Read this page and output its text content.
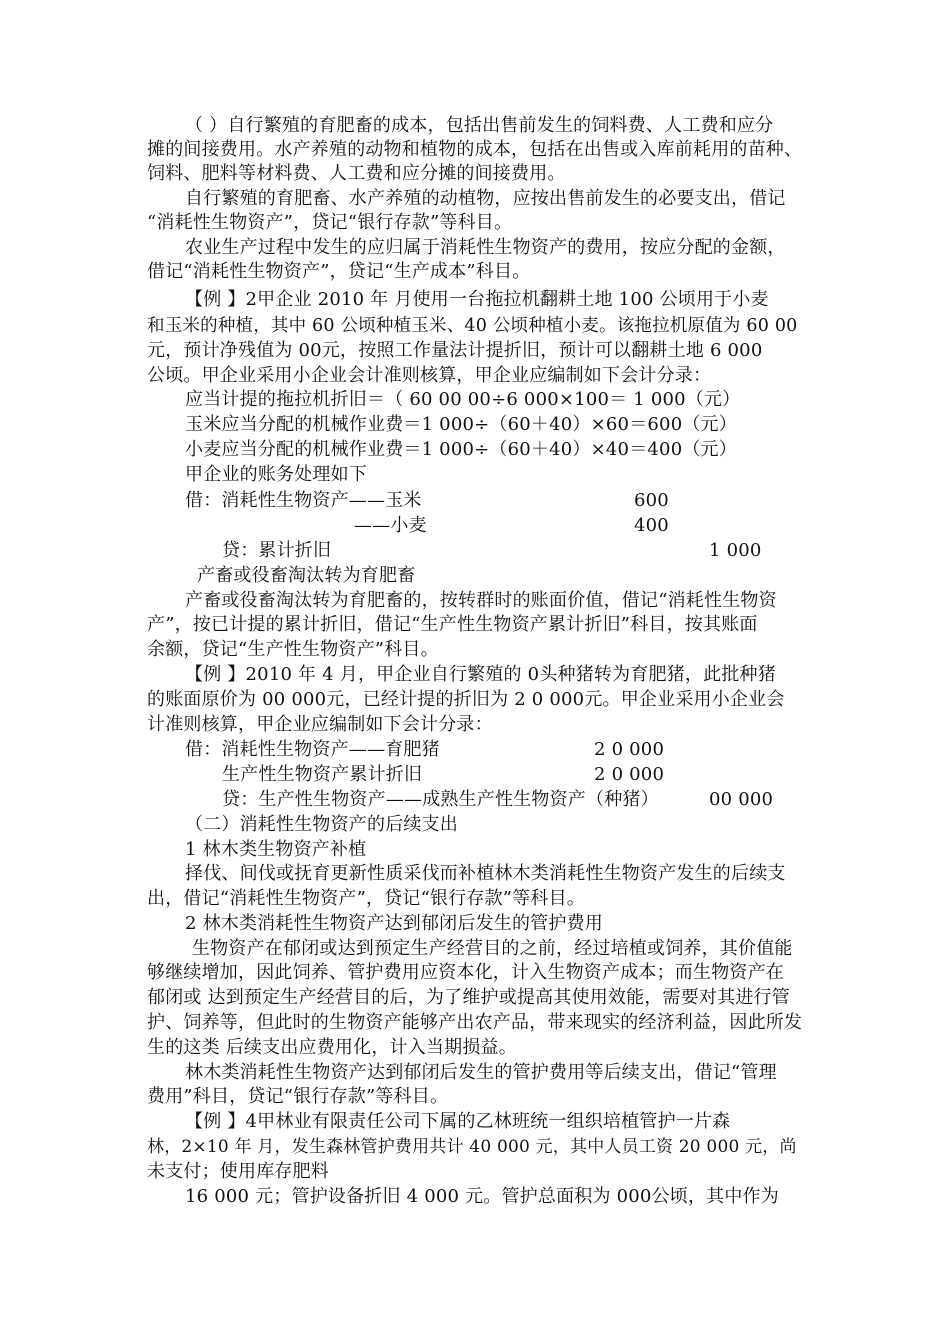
（ ）自行繁殖的育肥畜的成本，包括出售前发生的饲料费、人工费和应分
摊的间接费用。水产养殖的动物和植物的成本，包括在出售或入库前耗用的苗种、
饲料、肥料等材料费、人工费和应分摊的间接费用。
自行繁殖的育肥畜、水产养殖的动植物，应按出售前发生的必要支出，借记
“消耗性生物资产”，贷记“银行存款”等科目。
农业生产过程中发生的应归属于消耗性生物资产的费用，按应分配的金额，
借记“消耗性生物资产”，贷记“生产成本”科目。
【例 】2甲企业 2010 年 月使用一台拖拉机翻耕土地 100 公顷用于小麦
和玉米的种植，其中 60 公顷种植玉米、40 公顷种植小麦。该拖拉机原值为 60 00
元，预计净残值为 00元，按照工作量法计提折旧，预计可以翻耕土地 6 000
公顷。甲企业采用小企业会计准则核算，甲企业应编制如下会计分录：
应当计提的拖拉机折旧＝（ 60 00 00÷6 000×100＝ 1 000（元）
玉米应当分配的机械作业费＝1 000÷（60＋40）×60＝600（元）
小麦应当分配的机械作业费＝1 000÷（60＋40）×40＝400（元）
甲企业的账务处理如下
借：消耗性生物资产——玉米	600
——小麦	400
贷：累计折旧	1 000
产畜或役畜淘汰转为育肥畜
产畜或役畜淘汰转为育肥畜的，按转群时的账面价值，借记“消耗性生物资
产”，按已计提的累计折旧，借记“生产性生物资产累计折旧”科目，按其账面
余额，贷记“生产性生物资产”科目。
【例 】2010 年 4 月，甲企业自行繁殖的 0头种猪转为育肥猪，此批种猪
的账面原价为 00 000元，已经计提的折旧为 2 0 000元。甲企业采用小企业会
计准则核算，甲企业应编制如下会计分录：
借：消耗性生物资产——育肥猪	2 0 000
生产性生物资产累计折旧	2 0 000
贷：生产性生物资产——成熟生产性生物资产（种猪）	00 000
（二）消耗性生物资产的后续支出
1 林木类生物资产补植
择伐、间伐或抚育更新性质采伐而补植林木类消耗性生物资产发生的后续支
出，借记“消耗性生物资产”，贷记“银行存款”等科目。
2 林木类消耗性生物资产达到郁闭后发生的管护费用
生物资产在郁闭或达到预定生产经营目的之前，经过培植或饲养，其价值能
够继续增加，因此饲养、管护费用应资本化，计入生物资产成本；而生物资产在
郁闭或 达到预定生产经营目的后，为了维护或提高其使用效能，需要对其进行管
护、饲养等，但此时的生物资产能够产出农产品，带来现实的经济利益，因此所发
生的这类 后续支出应费用化，计入当期损益。
林木类消耗性生物资产达到郁闭后发生的管护费用等后续支出，借记“管理
费用”科目，贷记“银行存款”等科目。
【例 】4甲林业有限责任公司下属的乙林班统一组织培植管护一片森
林，2×10 年 月，发生森林管护费用共计 40 000 元，其中人员工资 20 000 元，尚
未支付；使用库存肥料
16 000 元；管护设备折旧 4 000 元。管护总面积为 000公顷，其中作为
